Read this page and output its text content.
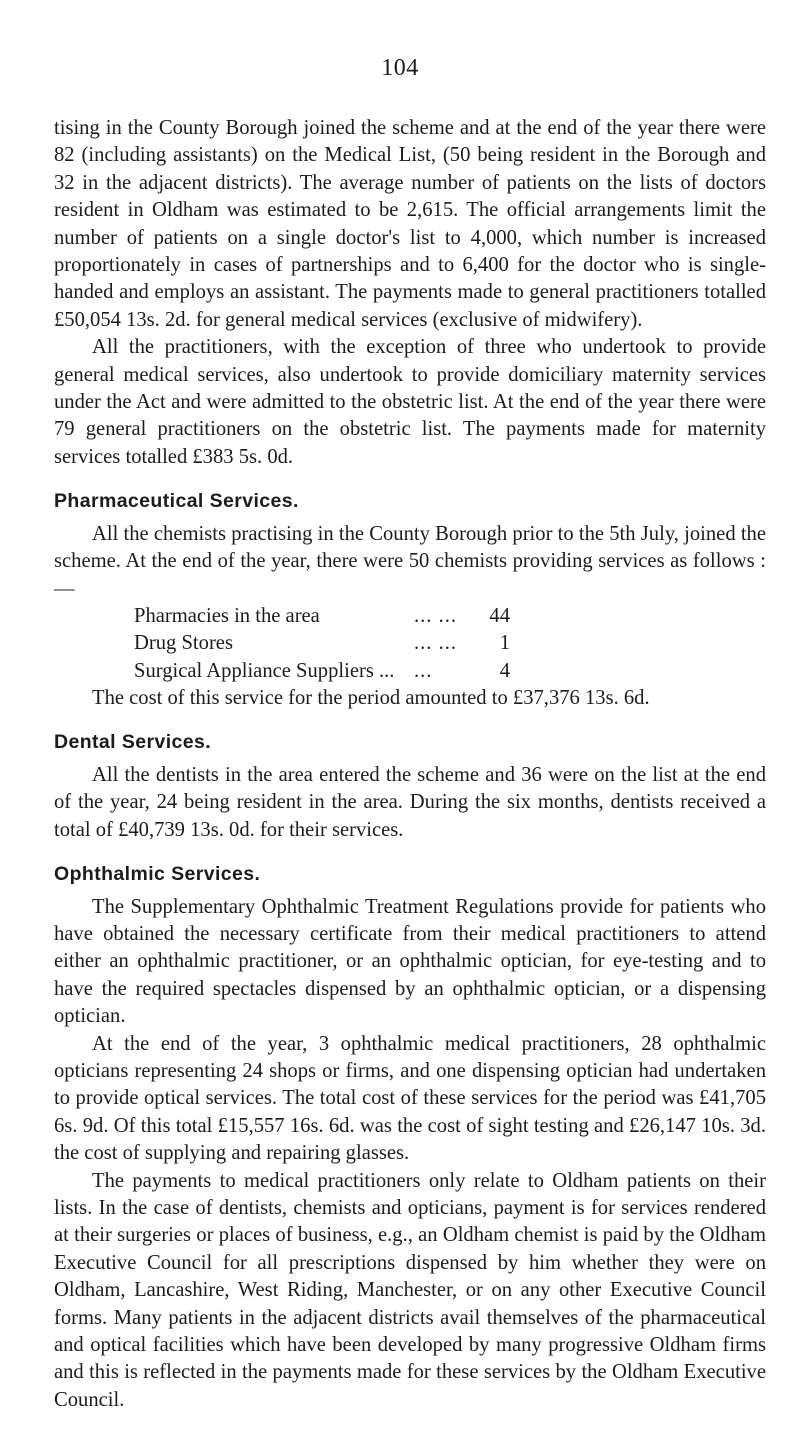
104

tising in the County Borough joined the scheme and at the end of the year there were 82 (including assistants) on the Medical List, (50 being resident in the Borough and 32 in the adjacent districts). The average number of patients on the lists of doctors resident in Oldham was estimated to be 2,615. The official arrangements limit the number of patients on a single doctor's list to 4,000, which number is increased proportionately in cases of partnerships and to 6,400 for the doctor who is single-handed and employs an assistant. The payments made to general practitioners totalled £50,054 13s. 2d. for general medical services (exclusive of midwifery).

All the practitioners, with the exception of three who undertook to provide general medical services, also undertook to provide domiciliary maternity services under the Act and were admitted to the obstetric list. At the end of the year there were 79 general practitioners on the obstetric list. The payments made for maternity services totalled £383 5s. 0d.

Pharmaceutical Services.

All the chemists practising in the County Borough prior to the 5th July, joined the scheme. At the end of the year, there were 50 chemists providing services as follows :—

Pharmacies in the area	... ...	44
Drug Stores	... ...	1
Surgical Appliance Suppliers ... ...	4

The cost of this service for the period amounted to £37,376 13s. 6d.

Dental Services.

All the dentists in the area entered the scheme and 36 were on the list at the end of the year, 24 being resident in the area. During the six months, dentists received a total of £40,739 13s. 0d. for their services.

Ophthalmic Services.

The Supplementary Ophthalmic Treatment Regulations provide for patients who have obtained the necessary certificate from their medical practitioners to attend either an ophthalmic practitioner, or an ophthalmic optician, for eye-testing and to have the required spectacles dispensed by an ophthalmic optician, or a dispensing optician.

At the end of the year, 3 ophthalmic medical practitioners, 28 ophthalmic opticians representing 24 shops or firms, and one dispensing optician had undertaken to provide optical services. The total cost of these services for the period was £41,705 6s. 9d. Of this total £15,557 16s. 6d. was the cost of sight testing and £26,147 10s. 3d. the cost of supplying and repairing glasses.

The payments to medical practitioners only relate to Oldham patients on their lists. In the case of dentists, chemists and opticians, payment is for services rendered at their surgeries or places of business, e.g., an Oldham chemist is paid by the Oldham Executive Council for all prescriptions dispensed by him whether they were on Oldham, Lancashire, West Riding, Manchester, or on any other Executive Council forms. Many patients in the adjacent districts avail themselves of the pharmaceutical and optical facilities which have been developed by many progressive Oldham firms and this is reflected in the payments made for these services by the Oldham Executive Council.
